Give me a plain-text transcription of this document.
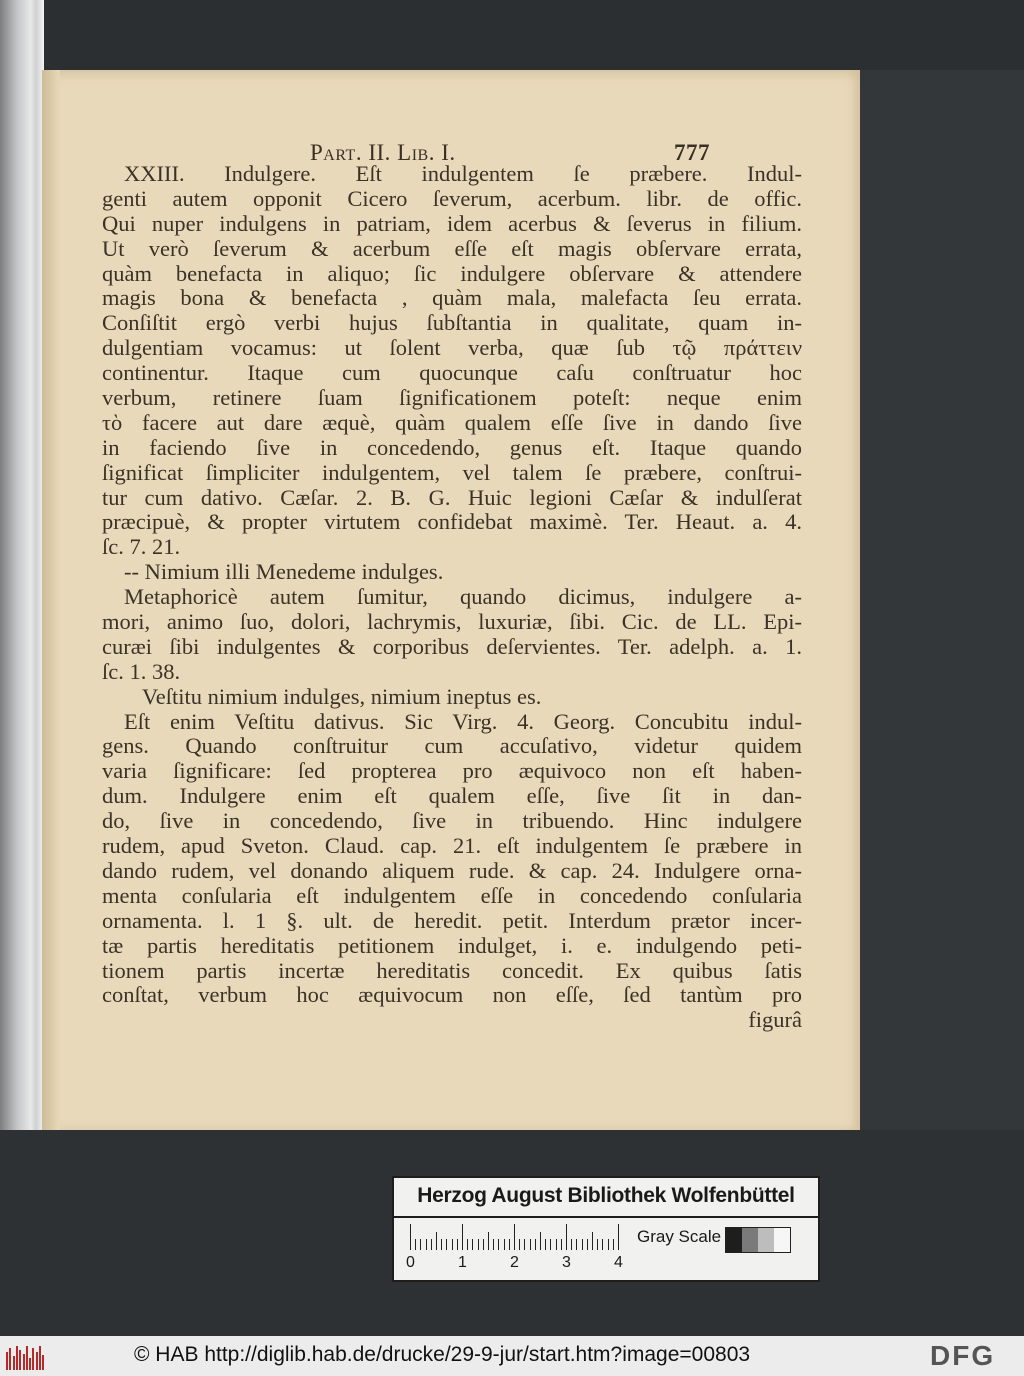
Part. II. Lib. I.	777
XXIII. Indulgere. Eſt indulgentem ſe præbere. Indul-
genti autem opponit Cicero ſeverum, acerbum. libr. de offic.
Qui nuper indulgens in patriam, idem acerbus & ſeverus in filium.
Ut verò ſeverum & acerbum eſſe eſt magis obſervare errata,
quàm benefacta in aliquo; ſic indulgere obſervare & attendere
magis bona & benefacta , quàm mala, malefacta ſeu errata.
Conſiſtit ergò verbi hujus ſubſtantia in qualitate, quam in-
dulgentiam vocamus: ut ſolent verba, quæ ſub τῷ πράττειν
continentur. Itaque cum quocunque caſu conſtruatur hoc
verbum, retinere ſuam ſignificationem poteſt: neque enim
τὸ facere aut dare æquè, quàm qualem eſſe ſive in dando ſive
in faciendo ſive in concedendo, genus eſt. Itaque quando
ſignificat ſimpliciter indulgentem, vel talem ſe præbere, conſtrui-
tur cum dativo. Cæſar. 2. B. G. Huic legioni Cæſar & indulſerat
præcipuè, & propter virtutem confidebat maximè. Ter. Heaut. a. 4.
ſc. 7. 21.
-- Nimium illi Menedeme indulges.
Metaphoricè autem ſumitur, quando dicimus, indulgere a-
mori, animo ſuo, dolori, lachrymis, luxuriæ, ſibi. Cic. de LL. Epi-
curæi ſibi indulgentes & corporibus deſervientes. Ter. adelph. a. 1.
ſc. 1. 38.
Veſtitu nimium indulges, nimium ineptus es.
Eſt enim Veſtitu dativus. Sic Virg. 4. Georg. Concubitu indul-
gens. Quando conſtruitur cum accuſativo, videtur quidem
varia ſignificare: ſed propterea pro æquivoco non eſt haben-
dum. Indulgere enim eſt qualem eſſe, ſive ſit in dan-
do, ſive in concedendo, ſive in tribuendo. Hinc indulgere
rudem, apud Sveton. Claud. cap. 21. eſt indulgentem ſe præbere in
dando rudem, vel donando aliquem rude. & cap. 24. Indulgere orna-
menta conſularia eſt indulgentem eſſe in concedendo conſularia
ornamenta. l. 1 §. ult. de heredit. petit. Interdum prætor incer-
tæ partis hereditatis petitionem indulget, i. e. indulgendo peti-
tionem partis incertæ hereditatis concedit. Ex quibus ſatis
conſtat, verbum hoc æquivocum non eſſe, ſed tantùm pro
figurâ
Herzog August Bibliothek Wolfenbüttel
0	1	2	3	4
Gray Scale
© HAB http://diglib.hab.de/drucke/29-9-jur/start.htm?image=00803	DFG
